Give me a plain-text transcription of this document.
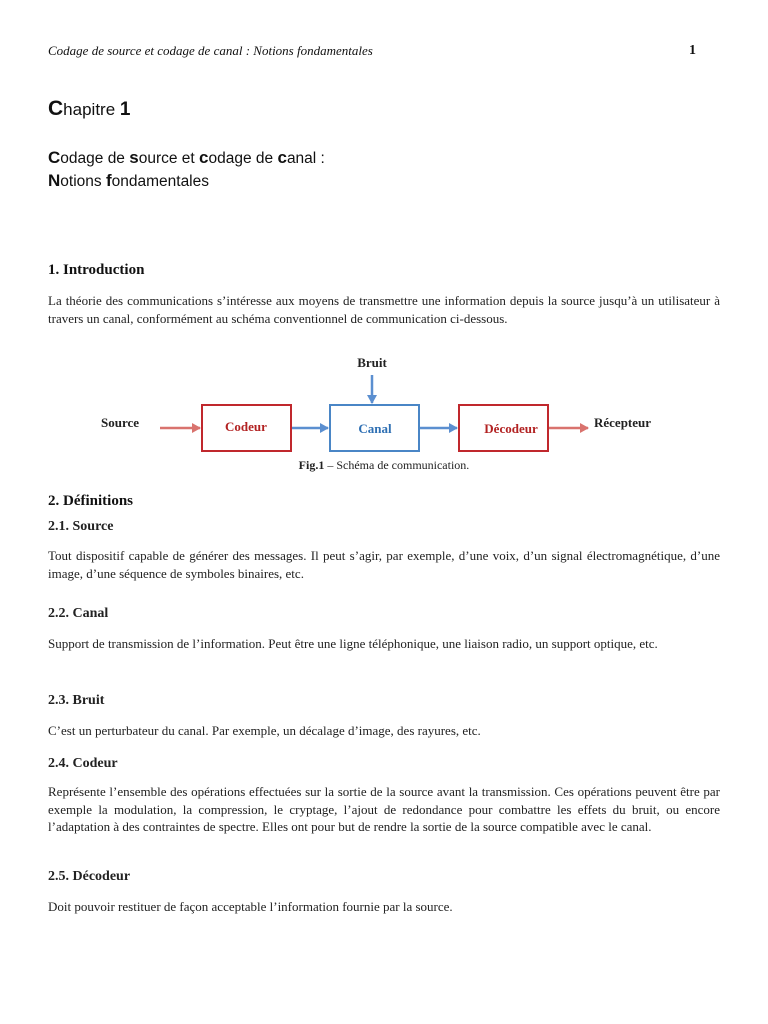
Codage de source et codage de canal : Notions fondamentales	1
Chapitre 1
Codage de source et codage de canal :
Notions fondamentales
1. Introduction
La théorie des communications s’intéresse aux moyens de transmettre une information depuis la source jusqu’à un utilisateur à travers un canal, conformément au schéma conventionnel de communication ci-dessous.
Bruit
Source	Codeur	Canal	Décodeur	Récepteur
Fig.1 – Schéma de communication.
2. Définitions
2.1. Source
Tout dispositif capable de générer des messages. Il peut s’agir, par exemple, d’une voix, d’un signal électromagnétique, d’une image, d’une séquence de symboles binaires, etc.
2.2. Canal
Support de transmission de l’information. Peut être une ligne téléphonique, une liaison radio, un support optique, etc.
2.3. Bruit
C’est un perturbateur du canal. Par exemple, un décalage d’image, des rayures, etc.
2.4. Codeur
Représente l’ensemble des opérations effectuées sur la sortie de la source avant la transmission. Ces opérations peuvent être par exemple la modulation, la compression, le cryptage, l’ajout de redondance pour combattre les effets du bruit, ou encore l’adaptation à des contraintes de spectre. Elles ont pour but de rendre la sortie de la source compatible avec le canal.
2.5. Décodeur
Doit pouvoir restituer de façon acceptable l’information fournie par la source.
